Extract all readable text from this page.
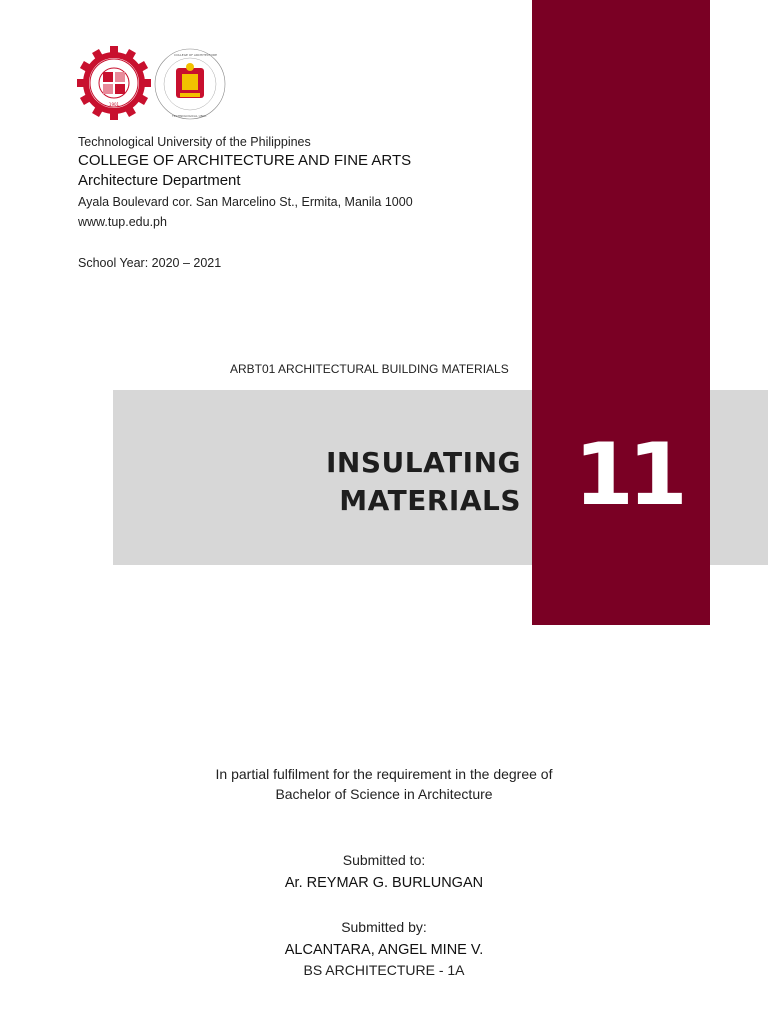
1901
COLLEGE OF ARCHITECTURE
TECHNOLOGICAL UNIV.
Technological University of the Philippines
COLLEGE OF ARCHITECTURE AND FINE ARTS
Architecture Department
Ayala Boulevard cor. San Marcelino St., Ermita, Manila 1000
www.tup.edu.ph
School Year: 2020 – 2021
ARBT01 ARCHITECTURAL BUILDING MATERIALS
INSULATING
MATERIALS 11
In partial fulfilment for the requirement in the degree of
Bachelor of Science in Architecture
Submitted to:
Ar. REYMAR G. BURLUNGAN
Submitted by:
ALCANTARA, ANGEL MINE V.
BS ARCHITECTURE - 1A
